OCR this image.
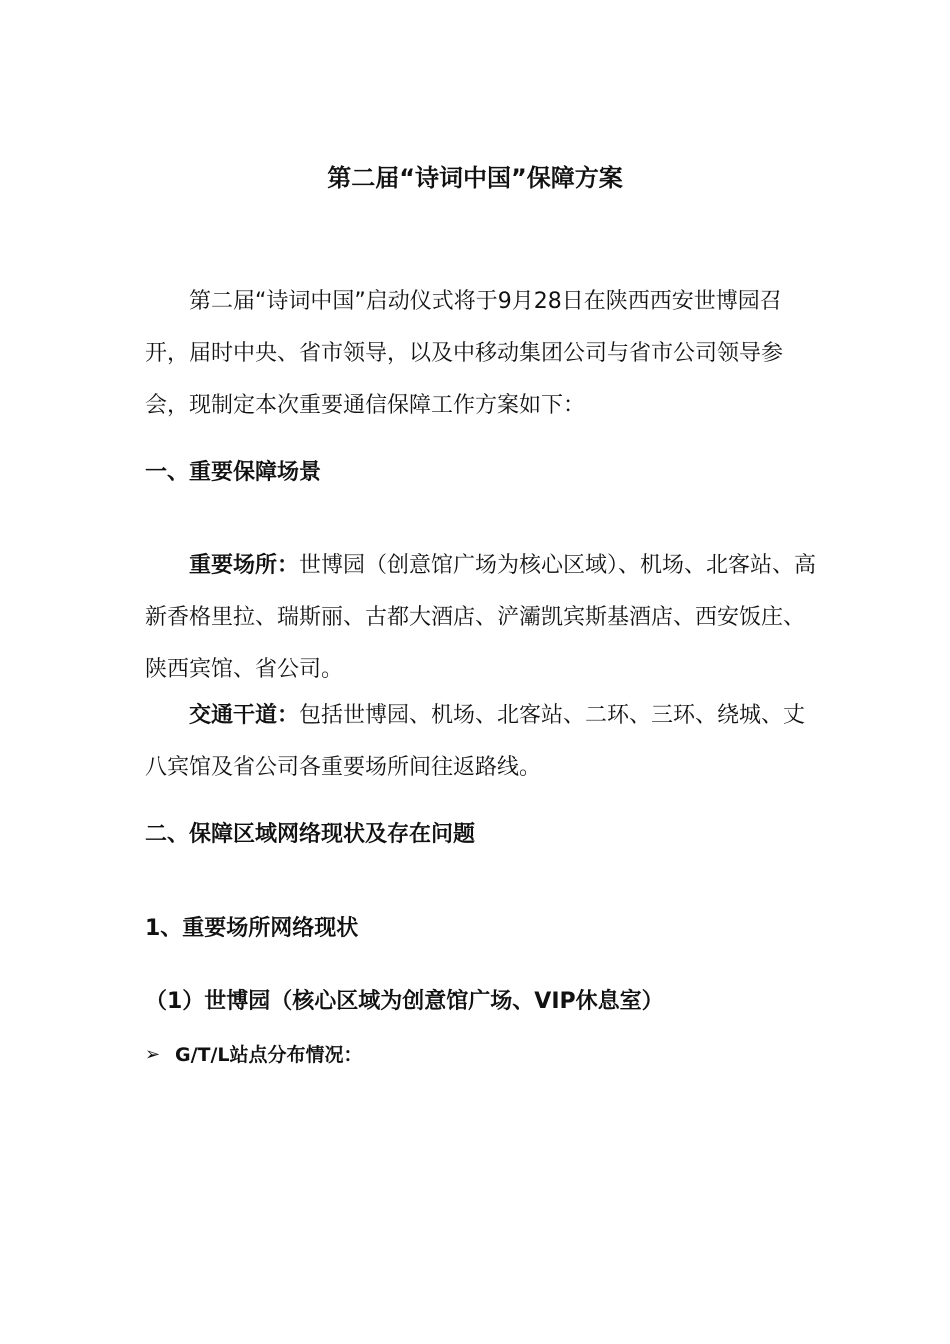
第二届“诗词中国”保障方案

第二届“诗词中国”启动仪式将于9月28日在陕西西安世博园召开，届时中央、省市领导，以及中移动集团公司与省市公司领导参会，现制定本次重要通信保障工作方案如下：

一、重要保障场景

重要场所：世博园（创意馆广场为核心区域）、机场、北客站、高新香格里拉、瑞斯丽、古都大酒店、浐灞凯宾斯基酒店、西安饭庄、陕西宾馆、省公司。

交通干道：包括世博园、机场、北客站、二环、三环、绕城、丈八宾馆及省公司各重要场所间往返路线。

二、保障区域网络现状及存在问题
1、重要场所网络现状
（1）世博园（核心区域为创意馆广场、VIP休息室）
➢ G/T/L站点分布情况：
